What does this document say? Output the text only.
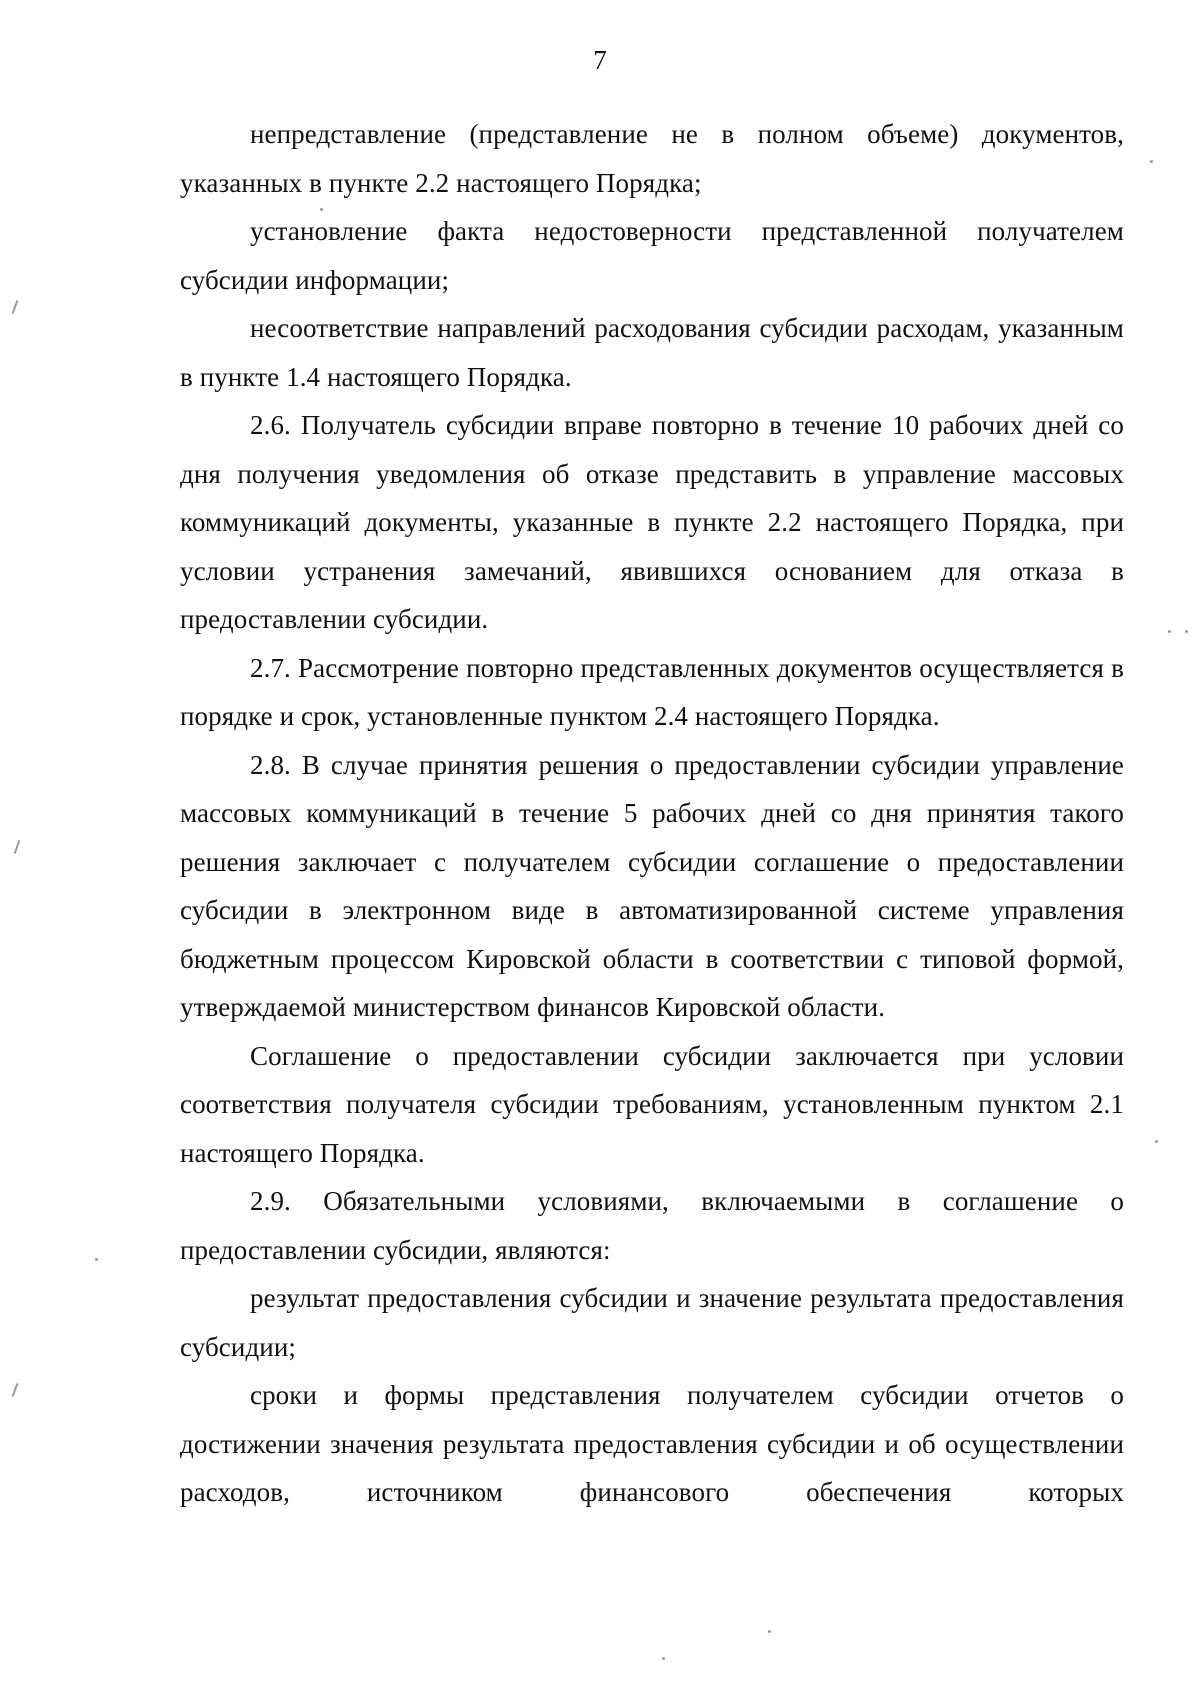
7

непредставление (представление не в полном объеме) документов, указанных в пункте 2.2 настоящего Порядка;

установление факта недостоверности представленной получателем субсидии информации;

несоответствие направлений расходования субсидии расходам, указанным в пункте 1.4 настоящего Порядка.

2.6. Получатель субсидии вправе повторно в течение 10 рабочих дней со дня получения уведомления об отказе представить в управление массовых коммуникаций документы, указанные в пункте 2.2 настоящего Порядка, при условии устранения замечаний, явившихся основанием для отказа в предоставлении субсидии.

2.7. Рассмотрение повторно представленных документов осуществляется в порядке и срок, установленные пунктом 2.4 настоящего Порядка.

2.8. В случае принятия решения о предоставлении субсидии управление массовых коммуникаций в течение 5 рабочих дней со дня принятия такого решения заключает с получателем субсидии соглашение о предоставлении субсидии в электронном виде в автоматизированной системе управления бюджетным процессом Кировской области в соответствии с типовой формой, утверждаемой министерством финансов Кировской области.

Соглашение о предоставлении субсидии заключается при условии соответствия получателя субсидии требованиям, установленным пунктом 2.1 настоящего Порядка.

2.9. Обязательными условиями, включаемыми в соглашение о предоставлении субсидии, являются:

результат предоставления субсидии и значение результата предоставления субсидии;

сроки и формы представления получателем субсидии отчетов о достижении значения результата предоставления субсидии и об осуществлении расходов, источником финансового обеспечения которых
